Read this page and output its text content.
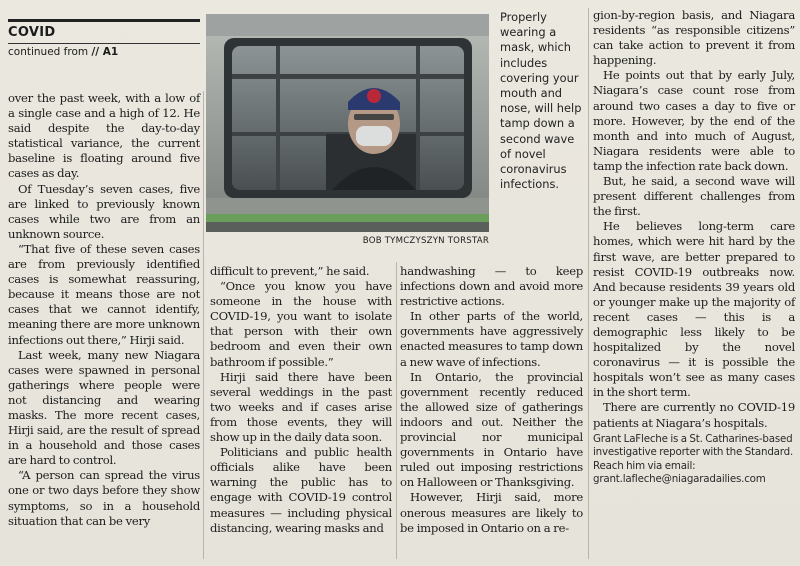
COVID
continued from // A1
BOB TYMCZYSZYN TORSTAR
Properly wearing a mask, which includes covering your mouth and nose, will help tamp down a second wave of novel coronavirus infections.

over the past week, with a low of a single case and a high of 12. He said despite the day-to-day statistical variance, the current baseline is floating around five cases as day.

Of Tuesday’s seven cases, five are linked to previously known cases while two are from an unknown source.

“That five of these seven cases are from previously identified cases is somewhat reassuring, because it means those are not cases that we cannot identify, meaning there are more unknown infections out there,” Hirji said.

Last week, many new Niagara cases were spawned in personal gatherings where people were not distancing and wearing masks. The more recent cases, Hirji said, are the result of spread in a household and those cases are hard to control.

“A person can spread the virus one or two days before they show symptoms, so in a household situation that can be very

difficult to prevent,” he said.

“Once you know you have someone in the house with COVID-19, you want to isolate that person with their own bedroom and even their own bathroom if possible.”

Hirji said there have been several weddings in the past two weeks and if cases arise from those events, they will show up in the daily data soon.

Politicians and public health officials alike have been warning the public has to engage with COVID-19 control measures — including physical distancing, wearing masks and

handwashing — to keep infections down and avoid more restrictive actions.

In other parts of the world, governments have aggressively enacted measures to tamp down a new wave of infections.

In Ontario, the provincial government recently reduced the allowed size of gatherings indoors and out. Neither the provincial nor municipal governments in Ontario have ruled out imposing restrictions on Halloween or Thanksgiving.

However, Hirji said, more onerous measures are likely to be imposed in Ontario on a re-

gion-by-region basis, and Niagara residents “as responsible citizens” can take action to prevent it from happening.

He points out that by early July, Niagara’s case count rose from around two cases a day to five or more. However, by the end of the month and into much of August, Niagara residents were able to tamp the infection rate back down.

But, he said, a second wave will present different challenges from the first.

He believes long-term care homes, which were hit hard by the first wave, are better prepared to resist COVID-19 outbreaks now. And because residents 39 years old or younger make up the majority of recent cases — this is a demographic less likely to be hospitalized by the novel coronavirus — it is possible the hospitals won’t see as many cases in the short term.

There are currently no COVID-19 patients at Niagara’s hospitals.

Grant LaFleche is a St. Catharines-based investigative reporter with the Standard. Reach him via email: grant.lafleche@niagaradailies.com
